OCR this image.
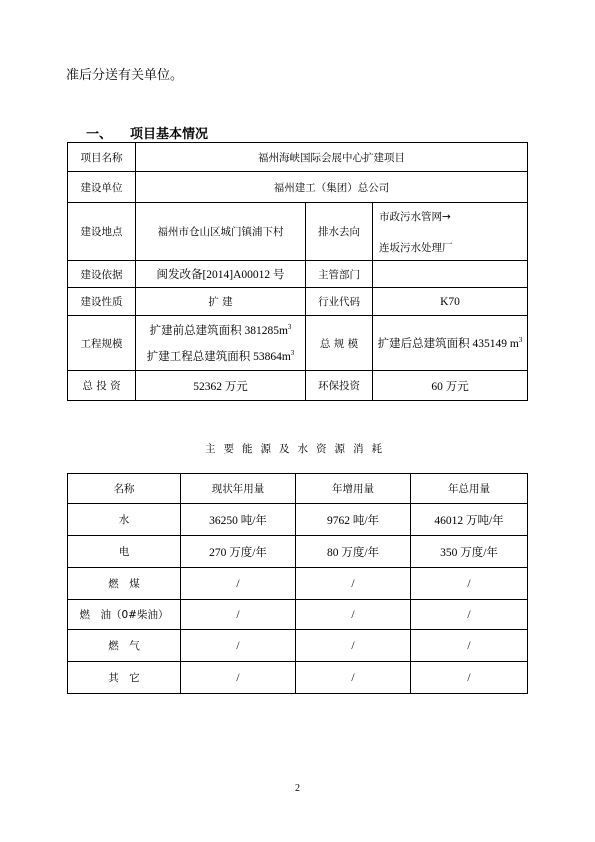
准后分送有关单位。
一、 项目基本情况
项目名称	福州海峡国际会展中心扩建项目		
建设单位	福州建工（集团）总公司		
建设地点	福州市仓山区城门镇浦下村	排水去向	市政污水管网→
连坂污水处理厂

建设依据	闽发改备[2014]A00012 号	主管部门	
建设性质	扩 建	行业代码	K70
工程规模	扩建前总建筑面积 $381285m^3$
扩建工程总建筑面积 $53864m^3$	总 规 模	扩建后总建筑面积 435149 $m^3$
总 投 资	52362 万元	环保投资	60 万元
主要能源及水资源消耗
名称	现状年用量	年增用量	年总用量
水	36250 吨/年	9762 吨/年	46012 万吨/年
电	270 万度/年	80 万度/年	350 万度/年
燃　煤	/	/	/
燃　油（0#柴油）	/	/	/
燃　气	/	/	/
其　它	/	/	/
2
